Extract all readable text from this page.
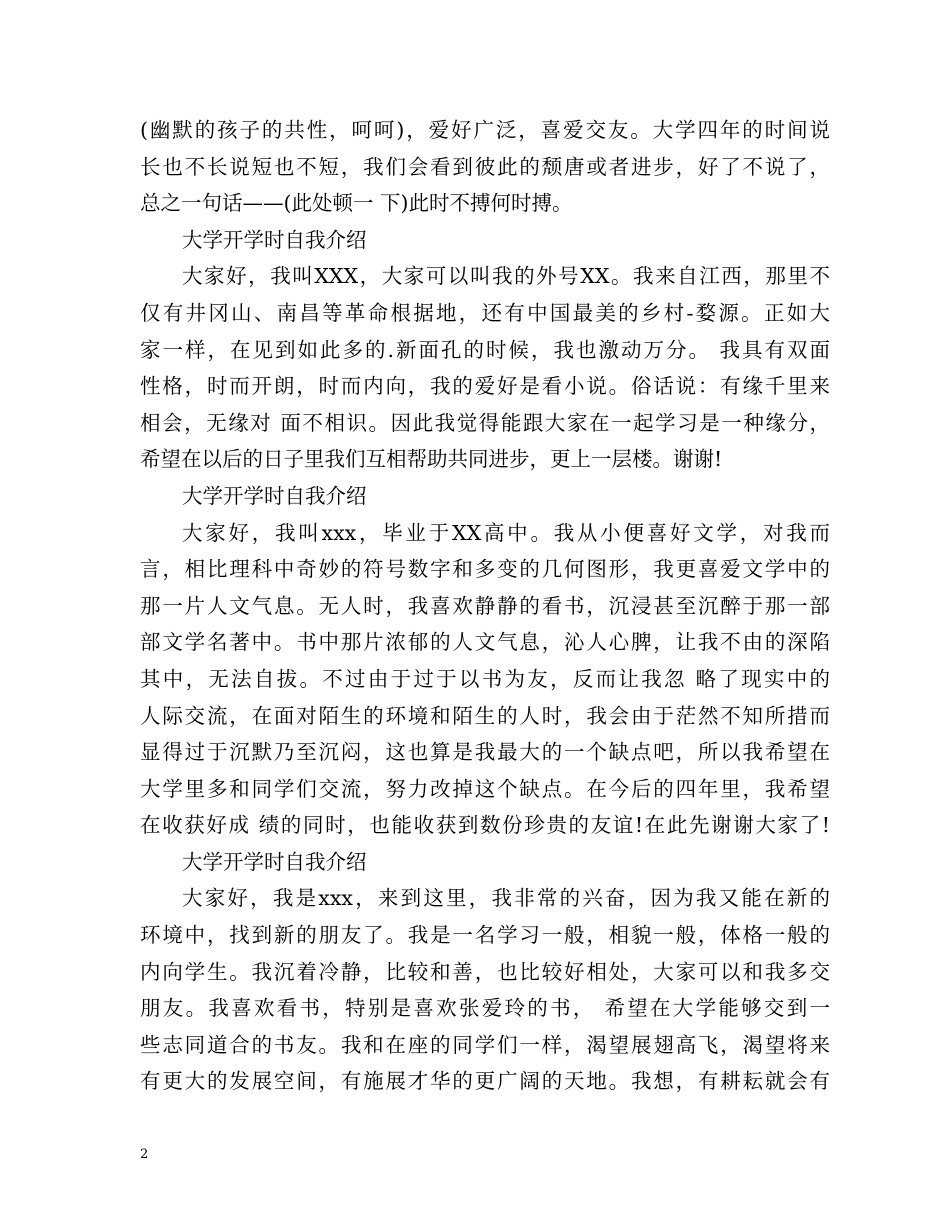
(幽默的孩子的共性，呵呵)，爱好广泛，喜爱交友。大学四年的时间说
长也不长说短也不短，我们会看到彼此的颓唐或者进步，好了不说了，
总之一句话——(此处顿一 下)此时不搏何时搏。
大学开学时自我介绍
大家好，我叫XXX，大家可以叫我的外号XX。我来自江西，那里不
仅有井冈山、南昌等革命根据地，还有中国最美的乡村-婺源。正如大
家一样，在见到如此多的.新面孔的时候，我也激动万分。 我具有双面
性格，时而开朗，时而内向，我的爱好是看小说。俗话说：有缘千里来
相会，无缘对 面不相识。因此我觉得能跟大家在一起学习是一种缘分，
希望在以后的日子里我们互相帮助共同进步，更上一层楼。谢谢!
大学开学时自我介绍
大家好，我叫xxx，毕业于XX高中。我从小便喜好文学，对我而
言，相比理科中奇妙的符号数字和多变的几何图形，我更喜爱文学中的
那一片人文气息。无人时，我喜欢静静的看书，沉浸甚至沉醉于那一部
部文学名著中。书中那片浓郁的人文气息，沁人心脾，让我不由的深陷
其中，无法自拔。不过由于过于以书为友，反而让我忽 略了现实中的
人际交流，在面对陌生的环境和陌生的人时，我会由于茫然不知所措而
显得过于沉默乃至沉闷，这也算是我最大的一个缺点吧，所以我希望在
大学里多和同学们交流，努力改掉这个缺点。在今后的四年里，我希望
在收获好成 绩的同时，也能收获到数份珍贵的友谊!在此先谢谢大家了!
大学开学时自我介绍
大家好，我是xxx，来到这里，我非常的兴奋，因为我又能在新的
环境中，找到新的朋友了。我是一名学习一般，相貌一般，体格一般的
内向学生。我沉着冷静，比较和善，也比较好相处，大家可以和我多交
朋友。我喜欢看书，特别是喜欢张爱玲的书， 希望在大学能够交到一
些志同道合的书友。我和在座的同学们一样，渴望展翅高飞，渴望将来
有更大的发展空间，有施展才华的更广阔的天地。我想，有耕耘就会有
2
